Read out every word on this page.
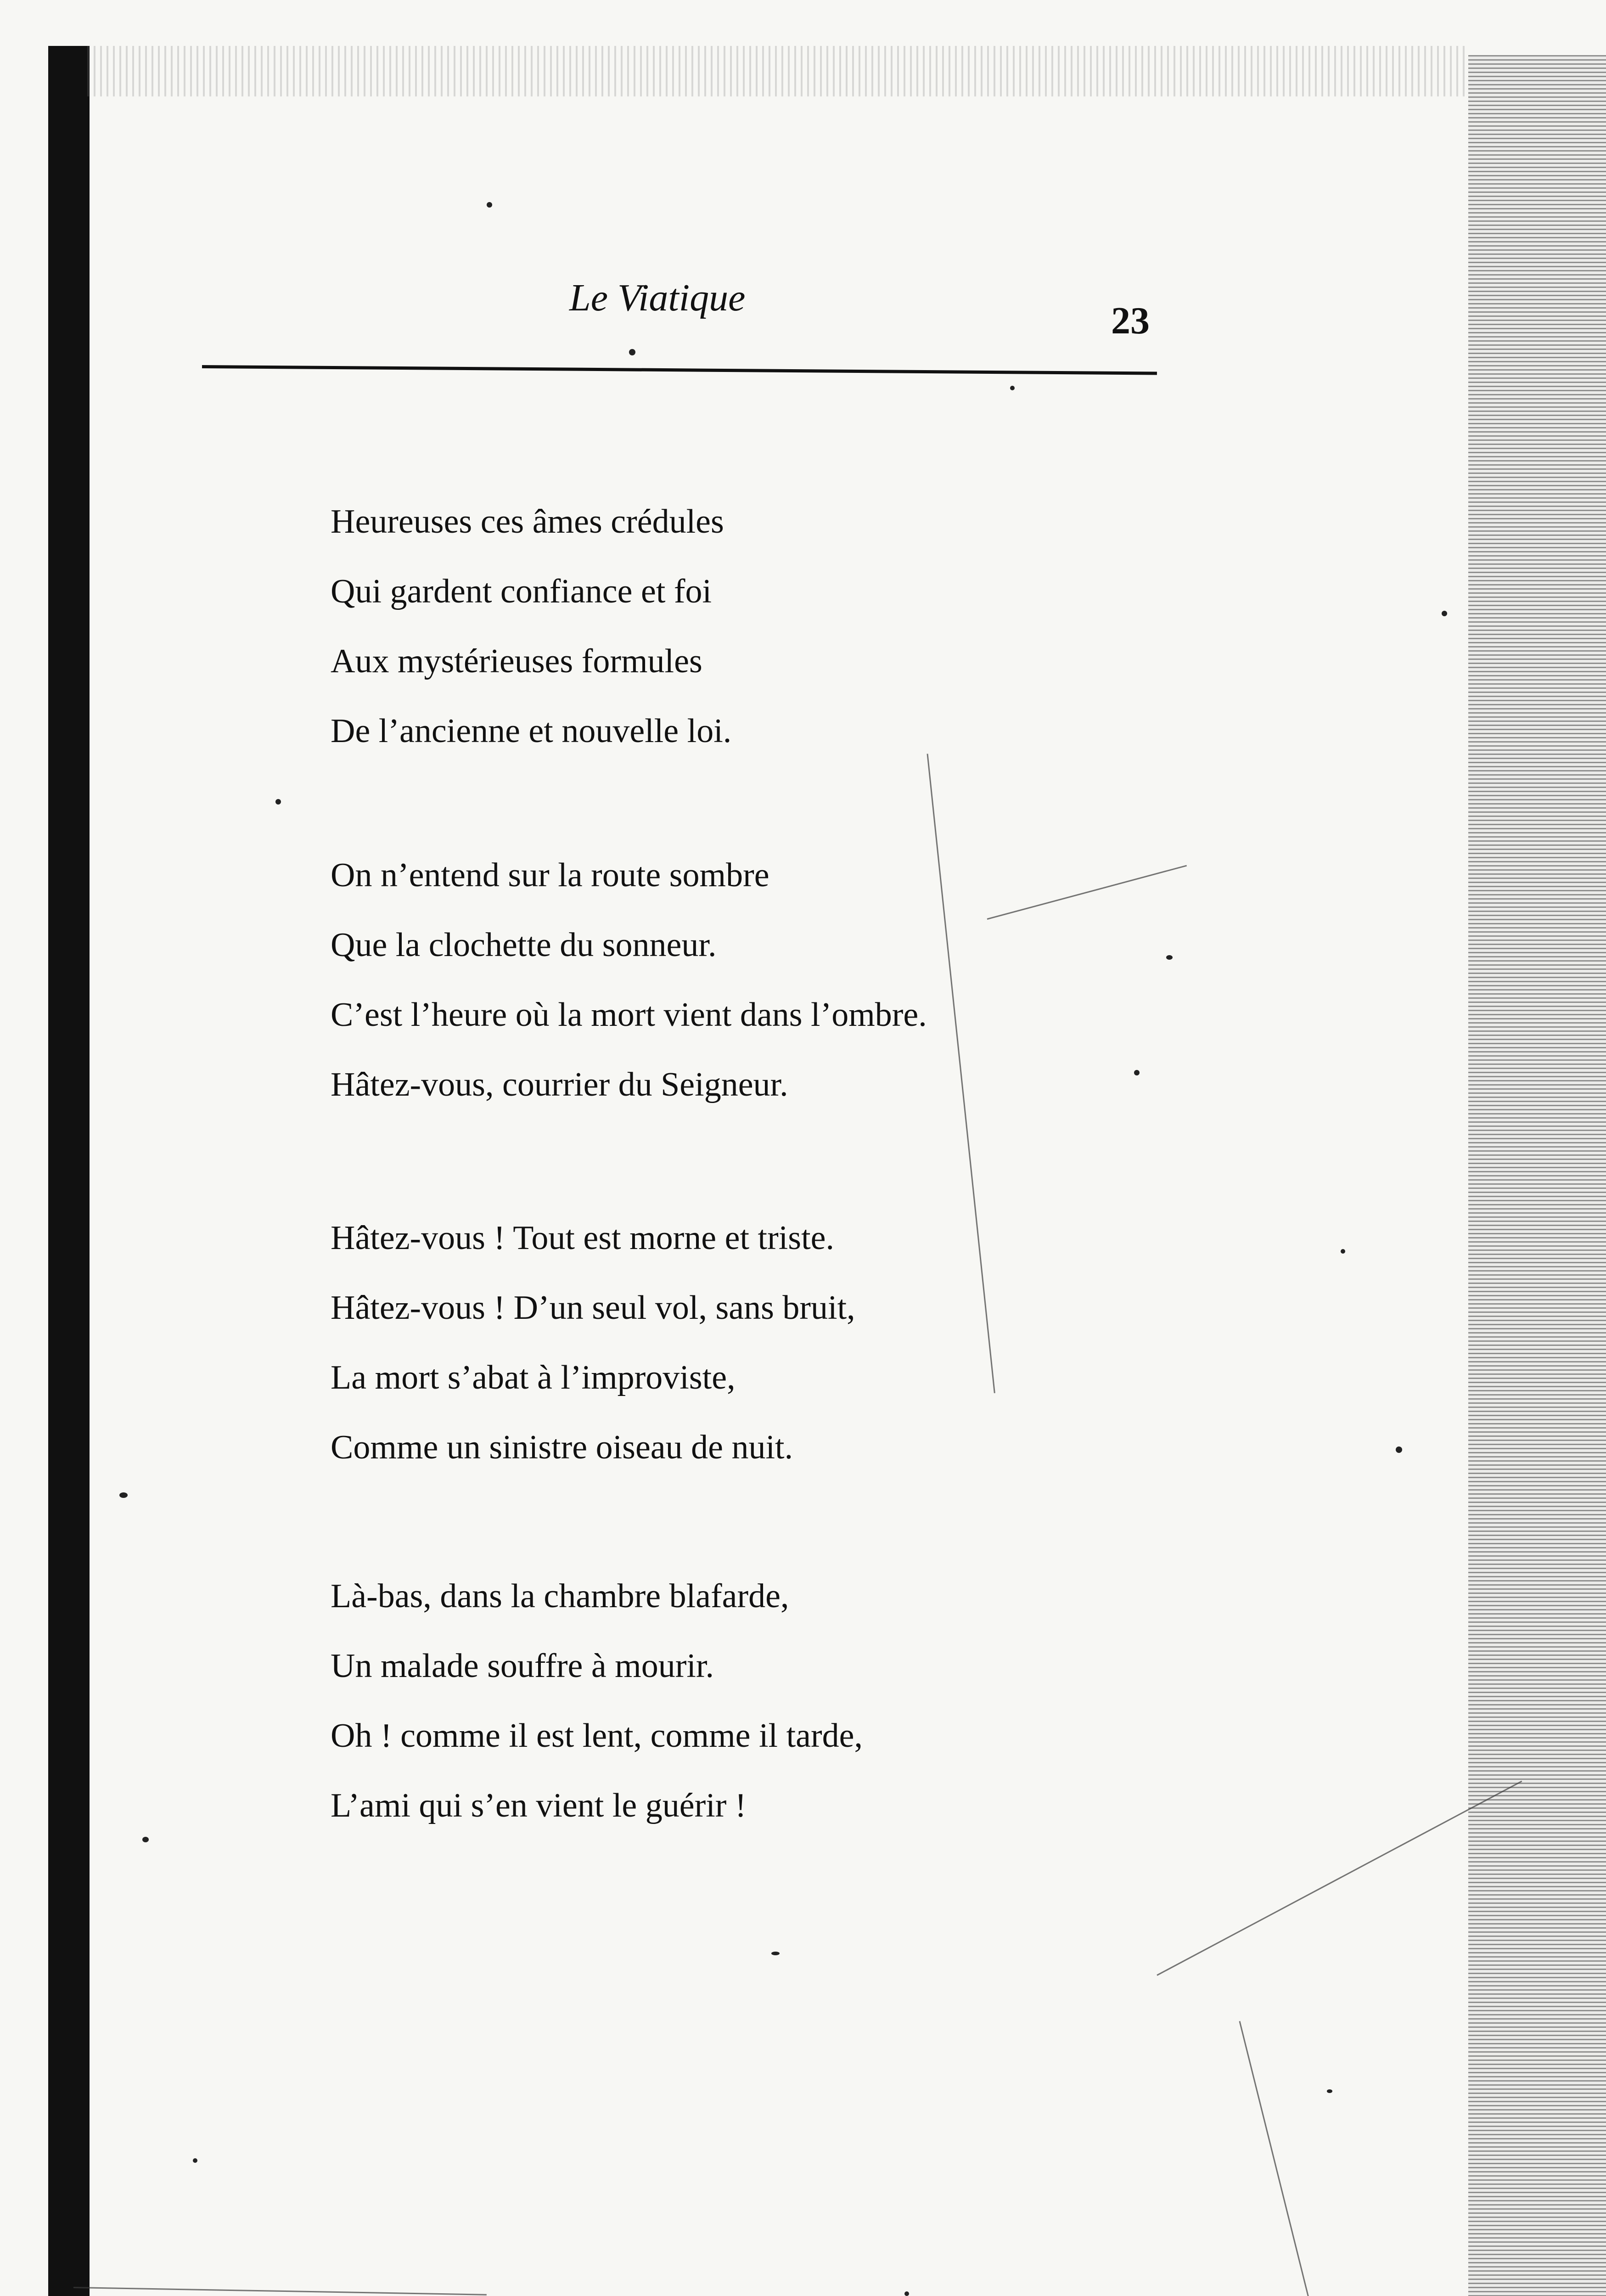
Le Viatique
23
Heureuses ces âmes crédules
Qui gardent confiance et foi
Aux mystérieuses formules
De l’ancienne et nouvelle loi.
On n’entend sur la route sombre
Que la clochette du sonneur.
C’est l’heure où la mort vient dans l’ombre.
Hâtez-vous, courrier du Seigneur.
Hâtez-vous ! Tout est morne et triste.
Hâtez-vous ! D’un seul vol, sans bruit,
La mort s’abat à l’improviste,
Comme un sinistre oiseau de nuit.
Là-bas, dans la chambre blafarde,
Un malade souffre à mourir.
Oh ! comme il est lent, comme il tarde,
L’ami qui s’en vient le guérir !
